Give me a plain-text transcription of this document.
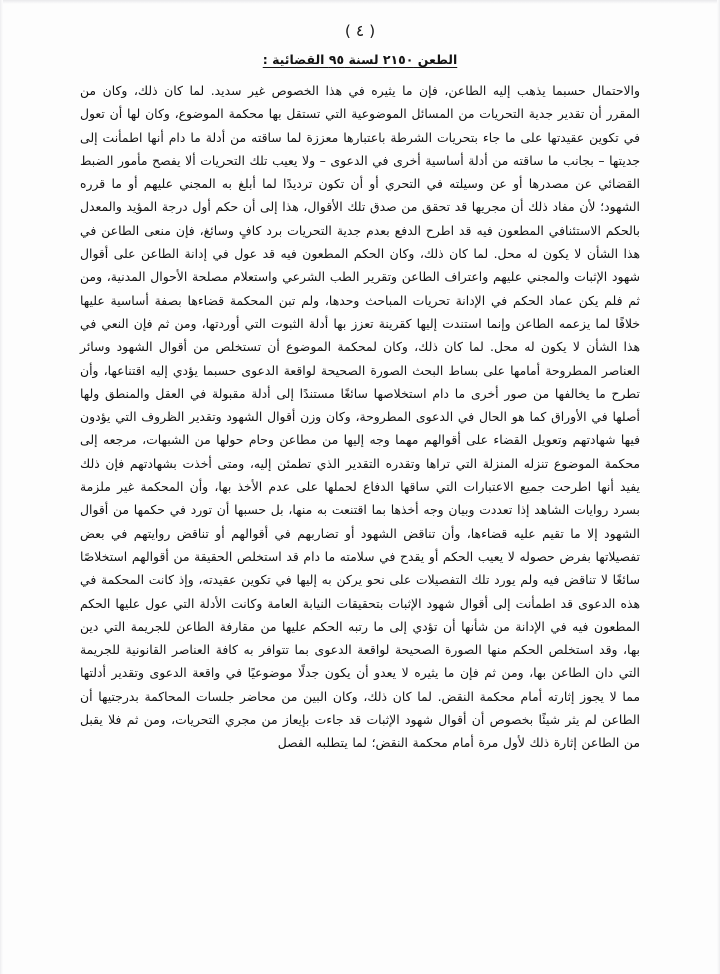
( ٤ )
الطعن ٢١٥٠ لسنة ٩٥ القضائية :

والاحتمال حسبما يذهب إليه الطاعن، فإن ما يثيره في هذا الخصوص غير سديد. لما كان ذلك، وكان من المقرر أن تقدير جدية التحريات من المسائل الموضوعية التي تستقل بها محكمة الموضوع، وكان لها أن تعول في تكوين عقيدتها على ما جاء بتحريات الشرطة باعتبارها معززة لما ساقته من أدلة ما دام أنها اطمأنت إلى جديتها – بجانب ما ساقته من أدلة أساسية أخرى في الدعوى – ولا يعيب تلك التحريات ألا يفصح مأمور الضبط القضائي عن مصدرها أو عن وسيلته في التحري أو أن تكون ترديدًا لما أبلغ به المجني عليهم أو ما قرره الشهود؛ لأن مفاد ذلك أن مجريها قد تحقق من صدق تلك الأقوال، هذا إلى أن حكم أول درجة المؤيد والمعدل بالحكم الاستئنافي المطعون فيه قد اطرح الدفع بعدم جدية التحريات برد كافٍ وسائغ، فإن منعى الطاعن في هذا الشأن لا يكون له محل. لما كان ذلك، وكان الحكم المطعون فيه قد عول في إدانة الطاعن على أقوال شهود الإثبات والمجني عليهم واعتراف الطاعن وتقرير الطب الشرعي واستعلام مصلحة الأحوال المدنية، ومن ثم فلم يكن عماد الحكم في الإدانة تحريات المباحث وحدها، ولم تبن المحكمة قضاءها بصفة أساسية عليها خلافًا لما يزعمه الطاعن وإنما استندت إليها كقرينة تعزز بها أدلة الثبوت التي أوردتها، ومن ثم فإن النعي في هذا الشأن لا يكون له محل. لما كان ذلك، وكان لمحكمة الموضوع أن تستخلص من أقوال الشهود وسائر العناصر المطروحة أمامها على بساط البحث الصورة الصحيحة لواقعة الدعوى حسبما يؤدي إليه اقتناعها، وأن تطرح ما يخالفها من صور أخرى ما دام استخلاصها سائغًا مستندًا إلى أدلة مقبولة في العقل والمنطق ولها أصلها في الأوراق كما هو الحال في الدعوى المطروحة، وكان وزن أقوال الشهود وتقدير الظروف التي يؤدون فيها شهادتهم وتعويل القضاء على أقوالهم مهما وجه إليها من مطاعن وحام حولها من الشبهات، مرجعه إلى محكمة الموضوع تنزله المنزلة التي تراها وتقدره التقدير الذي تطمئن إليه، ومتى أخذت بشهادتهم فإن ذلك يفيد أنها اطرحت جميع الاعتبارات التي ساقها الدفاع لحملها على عدم الأخذ بها، وأن المحكمة غير ملزمة بسرد روايات الشاهد إذا تعددت وبيان وجه أخذها بما اقتنعت به منها، بل حسبها أن تورد في حكمها من أقوال الشهود إلا ما تقيم عليه قضاءها، وأن تناقض الشهود أو تضاربهم في أقوالهم أو تناقض روايتهم في بعض تفصيلاتها بفرض حصوله لا يعيب الحكم أو يقدح في سلامته ما دام قد استخلص الحقيقة من أقوالهم استخلاصًا سائغًا لا تناقض فيه ولم يورد تلك التفصيلات على نحو يركن به إليها في تكوين عقيدته، وإذ كانت المحكمة في هذه الدعوى قد اطمأنت إلى أقوال شهود الإثبات بتحقيقات النيابة العامة وكانت الأدلة التي عول عليها الحكم المطعون فيه في الإدانة من شأنها أن تؤدي إلى ما رتبه الحكم عليها من مقارفة الطاعن للجريمة التي دين بها، وقد استخلص الحكم منها الصورة الصحيحة لواقعة الدعوى بما تتوافر به كافة العناصر القانونية للجريمة التي دان الطاعن بها، ومن ثم فإن ما يثيره لا يعدو أن يكون جدلًا موضوعيًا في واقعة الدعوى وتقدير أدلتها مما لا يجوز إثارته أمام محكمة النقض. لما كان ذلك، وكان البين من محاضر جلسات المحاكمة بدرجتيها أن الطاعن لم يثر شيئًا بخصوص أن أقوال شهود الإثبات قد جاءت بإيعاز من مجري التحريات، ومن ثم فلا يقبل من الطاعن إثارة ذلك لأول مرة أمام محكمة النقض؛ لما يتطلبه الفصل
